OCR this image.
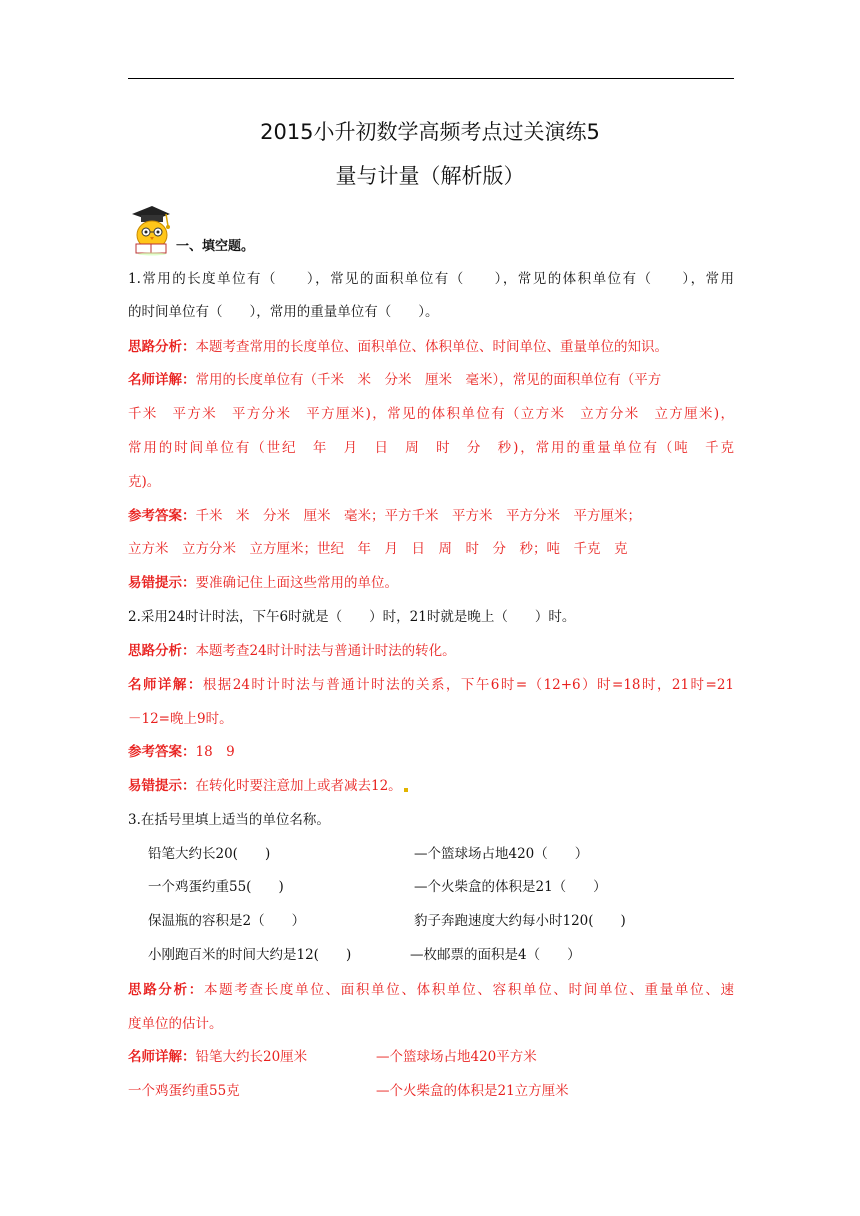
2015小升初数学高频考点过关演练5
量与计量（解析版）
一、填空题。
1.常用的长度单位有（　　），常见的面积单位有（　　），常见的体积单位有（　　），常用
的时间单位有（　　），常用的重量单位有（　　）。
思路分析：本题考查常用的长度单位、面积单位、体积单位、时间单位、重量单位的知识。
名师详解：常用的长度单位有（千米　米　分米　厘米　毫米），常见的面积单位有（平方
千米　平方米　平方分米　平方厘米)，常见的体积单位有（立方米　立方分米　立方厘米)，
常用的时间单位有（世纪　年　月　日　周　时　分　秒)，常用的重量单位有（吨　千克
克)。
参考答案：千米　米　分米　厘米　毫米；平方千米　平方米　平方分米　平方厘米；
立方米　立方分米　立方厘米；世纪　年　月　日　周　时　分　秒；吨　千克　克
易错提示：要准确记住上面这些常用的单位。
2.采用24时计时法，下午6时就是（　　）时，21时就是晚上（　　）时。
思路分析：本题考查24时计时法与普通计时法的转化。
名师详解：根据24时计时法与普通计时法的关系，下午6时=（12+6）时=18时，21时=21
－12=晚上9时。
参考答案：18　9
易错提示：在转化时要注意加上或者减去12。
3.在括号里填上适当的单位名称。
铅笔大约长20(　　)	—个篮球场占地420（　　）
一个鸡蛋约重55(　　)	—个火柴盒的体积是21（　　）
保温瓶的容积是2（　　）	豹子奔跑速度大约每小时120(　　)
小刚跑百米的时间大约是12(　　)	—枚邮票的面积是4（　　）
思路分析：本题考查长度单位、面积单位、体积单位、容积单位、时间单位、重量单位、速
度单位的估计。
名师详解：铅笔大约长20厘米	—个篮球场占地420平方米
一个鸡蛋约重55克	—个火柴盒的体积是21立方厘米
